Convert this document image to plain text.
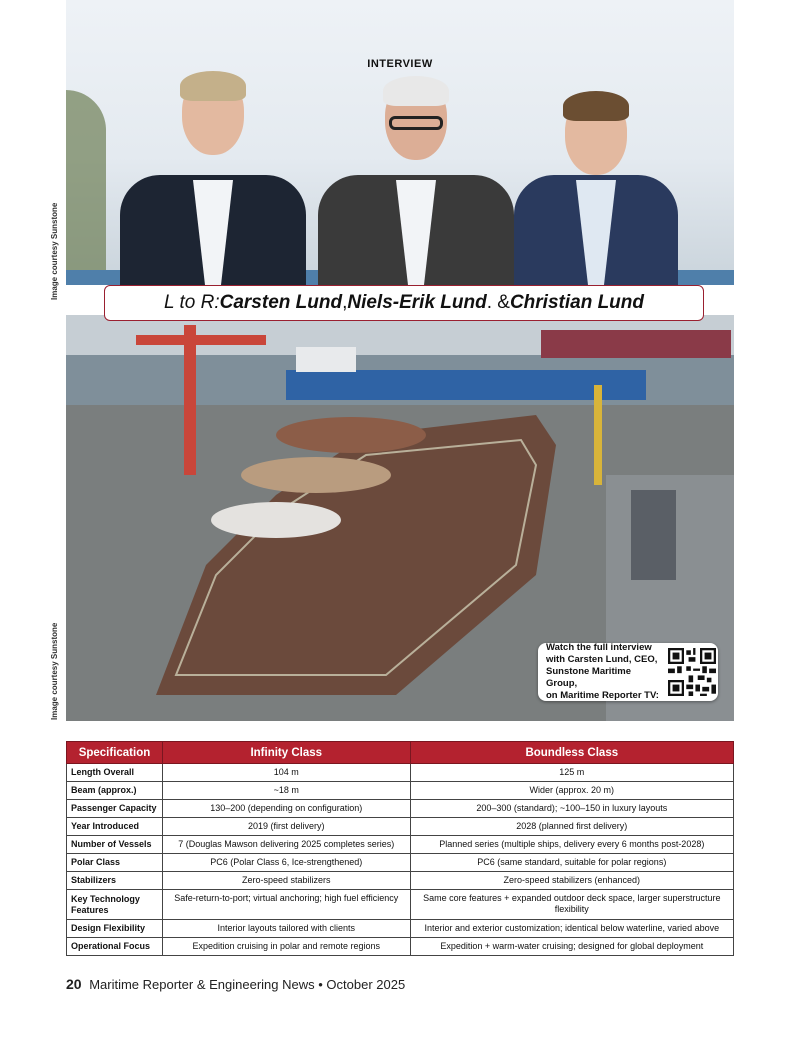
INTERVIEW
Image courtesy Sunstone
L to R: Carsten Lund , Niels-Erik Lund . & Christian Lund
Image courtesy Sunstone	Watch the full interview
with Carsten Lund, CEO,
Sunstone Maritime Group,
on Maritime Reporter TV:
Specification	Infinity Class	Boundless Class
Length Overall	104 m	125 m
Beam (approx.)	~18 m	Wider (approx. 20 m)
Passenger Capacity	130–200 (depending on configuration)	200–300 (standard); ~100–150 in luxury layouts
Year Introduced	2019 (first delivery)	2028 (planned first delivery)
Number of Vessels	7 (Douglas Mawson delivering 2025 completes series)	Planned series (multiple ships, delivery every 6 months post-2028)
Polar Class	PC6 (Polar Class 6, Ice-strengthened)	PC6 (same standard, suitable for polar regions)
Stabilizers	Zero-speed stabilizers	Zero-speed stabilizers (enhanced)
Key Technology Features	Safe-return-to-port; virtual anchoring; high fuel efficiency	Same core features + expanded outdoor deck space, larger superstructure flexibility
Design Flexibility	Interior layouts tailored with clients	Interior and exterior customization; identical below waterline, varied above
Operational Focus	Expedition cruising in polar and remote regions	Expedition + warm-water cruising; designed for global deployment
20 Maritime Reporter & Engineering News • October 2025
